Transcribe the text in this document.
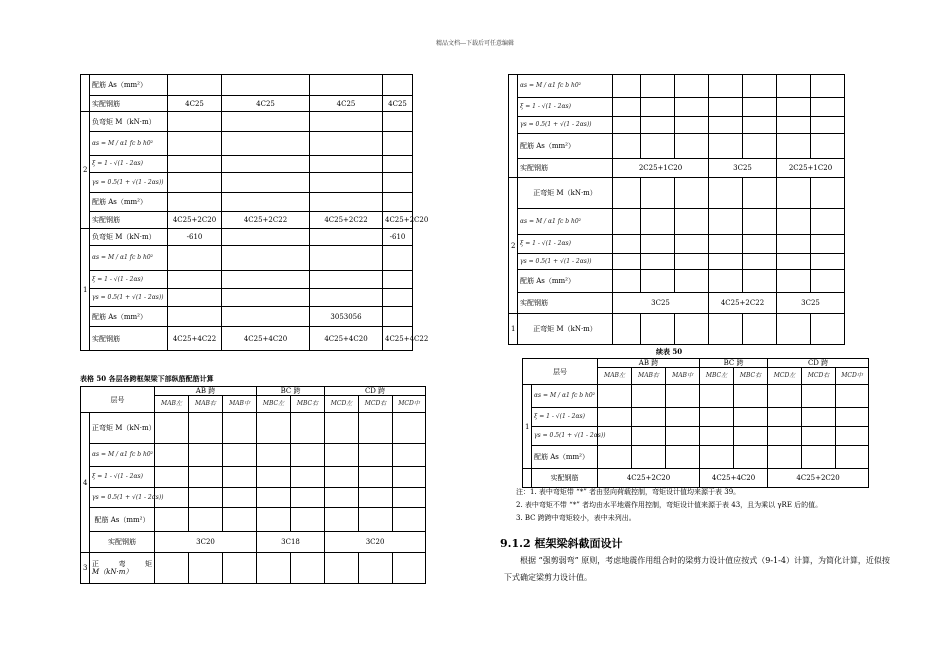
精品文档---下载后可任意编辑
	配筋 As（mm²）				
	实配钢筋	4C25	4C25	4C25	4C25
2	负弯矩 M（kN·m）				
	αs = M / α1 fc b h0²				
	ξ = 1 - √(1 - 2αs)				
	γs = 0.5(1 + √(1 - 2αs))				
	配筋 As（mm²）				
	实配钢筋	4C25+2C20	4C25+2C22	4C25+2C22	4C25+2C20
1	负弯矩 M（kN·m）	-610			-610
	αs = M / α1 fc b h0²				
	ξ = 1 - √(1 - 2αs)				
	γs = 0.5(1 + √(1 - 2αs))				
	配筋 As（mm²）			3053056	
	实配钢筋	4C25+4C22	4C25+4C20	4C25+4C20	4C25+4C22
表格 50 各层各跨框架梁下部纵筋配筋计算
层号		AB 跨			BC 跨		CD 跨		
		MAB左	MAB右	MAB中	MBC左	MBC右	MCD左	MCD右	MCD中
4	正弯矩 M（kN·m）								
	αs = M / α1 fc b h0²								
	ξ = 1 - √(1 - 2αs)								
	γs = 0.5(1 + √(1 - 2αs))								
	配筋 As（mm²）								
	实配钢筋	3C20			3C18		3C20		
3	正 弯 矩
M（kN·m）								

	αs = M / α1 fc b h0²							
	ξ = 1 - √(1 - 2αs)							
	γs = 0.5(1 + √(1 - 2αs))							
	配筋 As（mm²）							
	实配钢筋	2C25+1C20			3C25		2C25+1C20	
2	正弯矩 M（kN·m）							
	αs = M / α1 fc b h0²							
	ξ = 1 - √(1 - 2αs)							
	γs = 0.5(1 + √(1 - 2αs))							
	配筋 As（mm²）							
	实配钢筋	3C25			4C25+2C22		3C25	
1	正弯矩 M（kN·m）							
续表 50
层号		AB 跨			BC 跨		CD 跨		
		MAB左	MAB右	MAB中	MBC左	MBC右	MCD左	MCD右	MCD中
1	αs = M / α1 fc b h0²								
	ξ = 1 - √(1 - 2αs)								
	γs = 0.5(1 + √(1 - 2αs))								
	配筋 As（mm²）								
	实配钢筋	4C25+2C20			4C25+4C20		4C25+2C20		
注：1. 表中弯矩带 “*” 者由竖向荷载控制，弯矩设计值均来源于表 39。
2. 表中弯矩不带 “*” 者均由水平地震作用控制，弯矩设计值来源于表 43，且为乘以 γRE 后的值。
3. BC 跨跨中弯矩较小，表中未列出。
9.1.2 框架梁斜截面设计
根据 “强剪弱弯” 原则，考虑地震作用组合时的梁剪力设计值应按式（9-1-4）计算，为简化计算，近似按下式确定梁剪力设计值。
